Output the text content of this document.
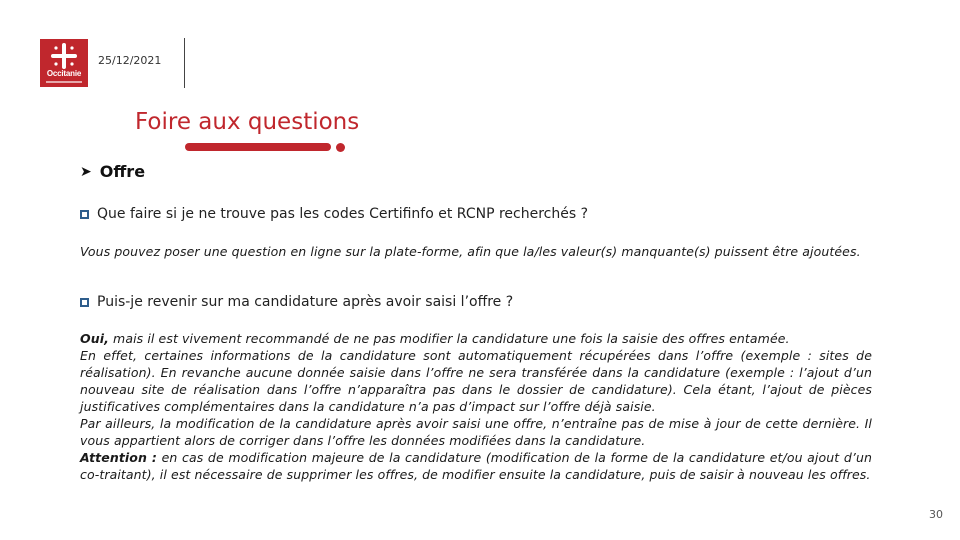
Occitanie
25/12/2021
Foire aux questions
➤ Offre
Que faire si je ne trouve pas les codes Certifinfo et RCNP recherchés ?

Vous pouvez poser une question en ligne sur la plate-forme, afin que la/les valeur(s) manquante(s) puissent être ajoutées.

Puis-je revenir sur ma candidature après avoir saisi l’offre ?

Oui, mais il est vivement recommandé de ne pas modifier la candidature une fois la saisie des offres entamée.

En effet, certaines informations de la candidature sont automatiquement récupérées dans l’offre (exemple : sites de réalisation). En revanche aucune donnée saisie dans l’offre ne sera transférée dans la candidature (exemple : l’ajout d’un nouveau site de réalisation dans l’offre n’apparaîtra pas dans le dossier de candidature). Cela étant, l’ajout de pièces justificatives complémentaires dans la candidature n’a pas d’impact sur l’offre déjà saisie.

Par ailleurs, la modification de la candidature après avoir saisi une offre, n’entraîne pas de mise à jour de cette dernière. Il vous appartient alors de corriger dans l’offre les données modifiées dans la candidature.

Attention : en cas de modification majeure de la candidature (modification de la forme de la candidature et/ou ajout d’un co-traitant), il est nécessaire de supprimer les offres, de modifier ensuite la candidature, puis de saisir à nouveau les offres.

30
